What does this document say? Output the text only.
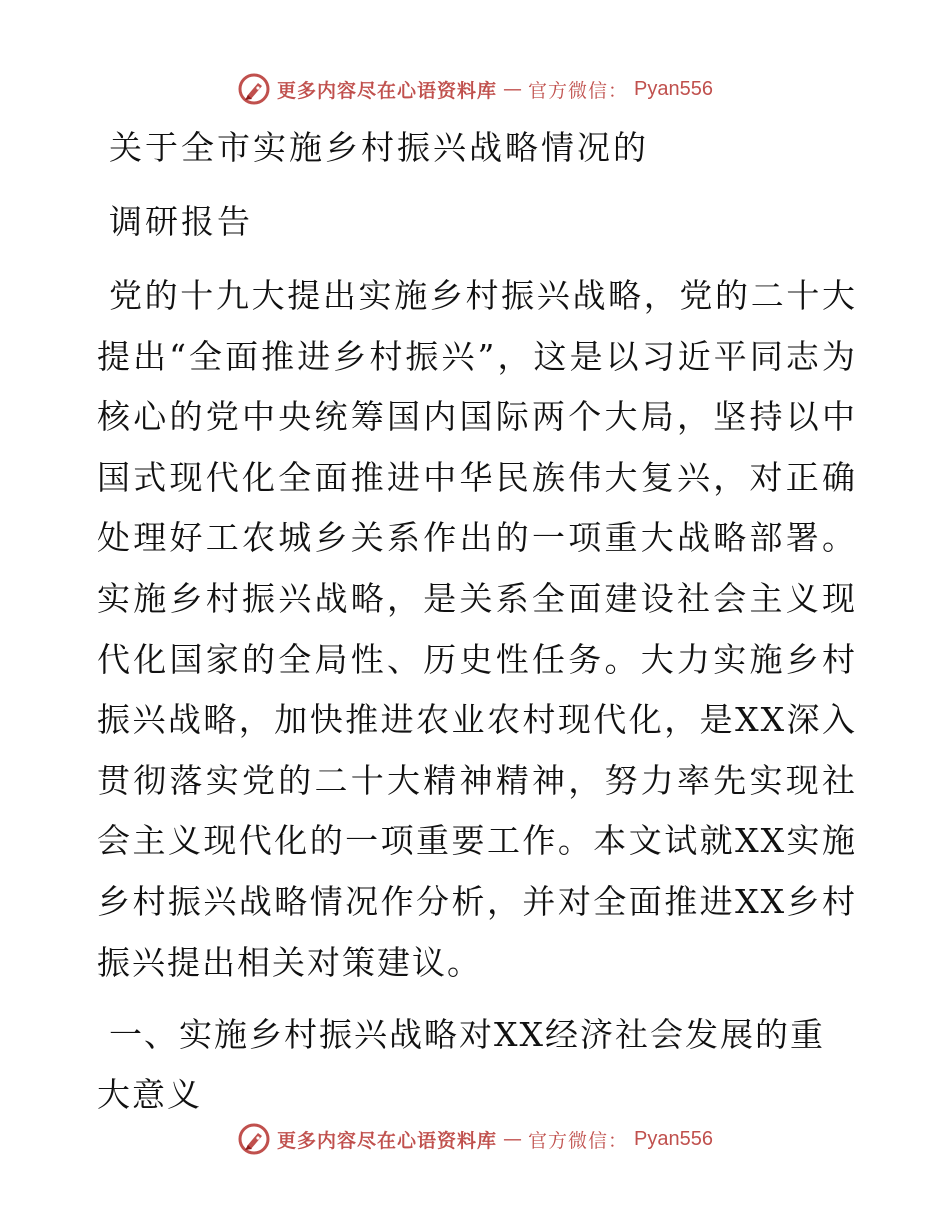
更多内容尽在心语资料库 — 官方微信： Pyan556
关于全市实施乡村振兴战略情况的
调研报告

党的十九大提出实施乡村振兴战略，党的二十大提出“全面推进乡村振兴”，这是以习近平同志为核心的党中央统筹国内国际两个大局，坚持以中国式现代化全面推进中华民族伟大复兴，对正确处理好工农城乡关系作出的一项重大战略部署。实施乡村振兴战略，是关系全面建设社会主义现代化国家的全局性、历史性任务。大力实施乡村振兴战略，加快推进农业农村现代化，是XX深入贯彻落实党的二十大精神精神，努力率先实现社会主义现代化的一项重要工作。本文试就XX实施乡村振兴战略情况作分析，并对全面推进XX乡村振兴提出相关对策建议。

一、实施乡村振兴战略对XX经济社会发展的重大意义
更多内容尽在心语资料库 — 官方微信： Pyan556
